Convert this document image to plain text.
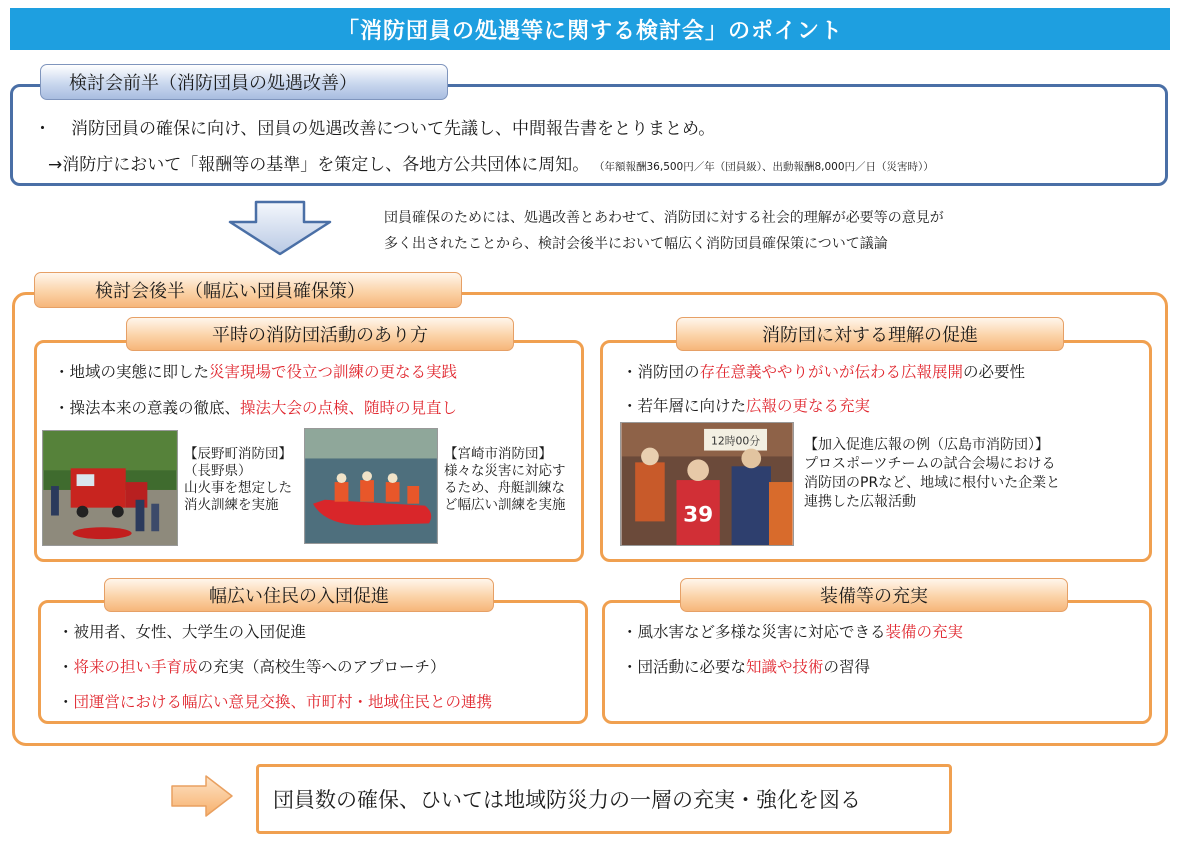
「消防団員の処遇等に関する検討会」のポイント
検討会前半（消防団員の処遇改善）
・ 消防団員の確保に向け、団員の処遇改善について先議し、中間報告書をとりまとめ。
→消防庁において「報酬等の基準」を策定し、各地方公共団体に周知。 （年額報酬36,500円／年（団員級）、出動報酬8,000円／日（災害時））
団員確保のためには、処遇改善とあわせて、消防団に対する社会的理解が必要等の意見が
多く出されたことから、検討会後半において幅広く消防団員確保策について議論
検討会後半（幅広い団員確保策）
平時の消防団活動のあり方
・地域の実態に即した災害現場で役立つ訓練の更なる実践
・操法本来の意義の徹底、操法大会の点検、随時の見直し
【辰野町消防団】
（長野県）
山火事を想定した
消火訓練を実施
【宮崎市消防団】
様々な災害に対応す
るため、舟艇訓練な
ど幅広い訓練を実施
消防団に対する理解の促進
・消防団の存在意義ややりがいが伝わる広報展開の必要性
・若年層に向けた広報の更なる充実
12時00分
39
【加入促進広報の例（広島市消防団）】
プロスポーツチームの試合会場における
消防団のPRなど、地域に根付いた企業と
連携した広報活動
幅広い住民の入団促進
・被用者、女性、大学生の入団促進
・将来の担い手育成の充実（高校生等へのアプローチ）
・団運営における幅広い意見交換、市町村・地域住民との連携
装備等の充実
・風水害など多様な災害に対応できる装備の充実
・団活動に必要な知識や技術の習得
団員数の確保、ひいては地域防災力の一層の充実・強化を図る
